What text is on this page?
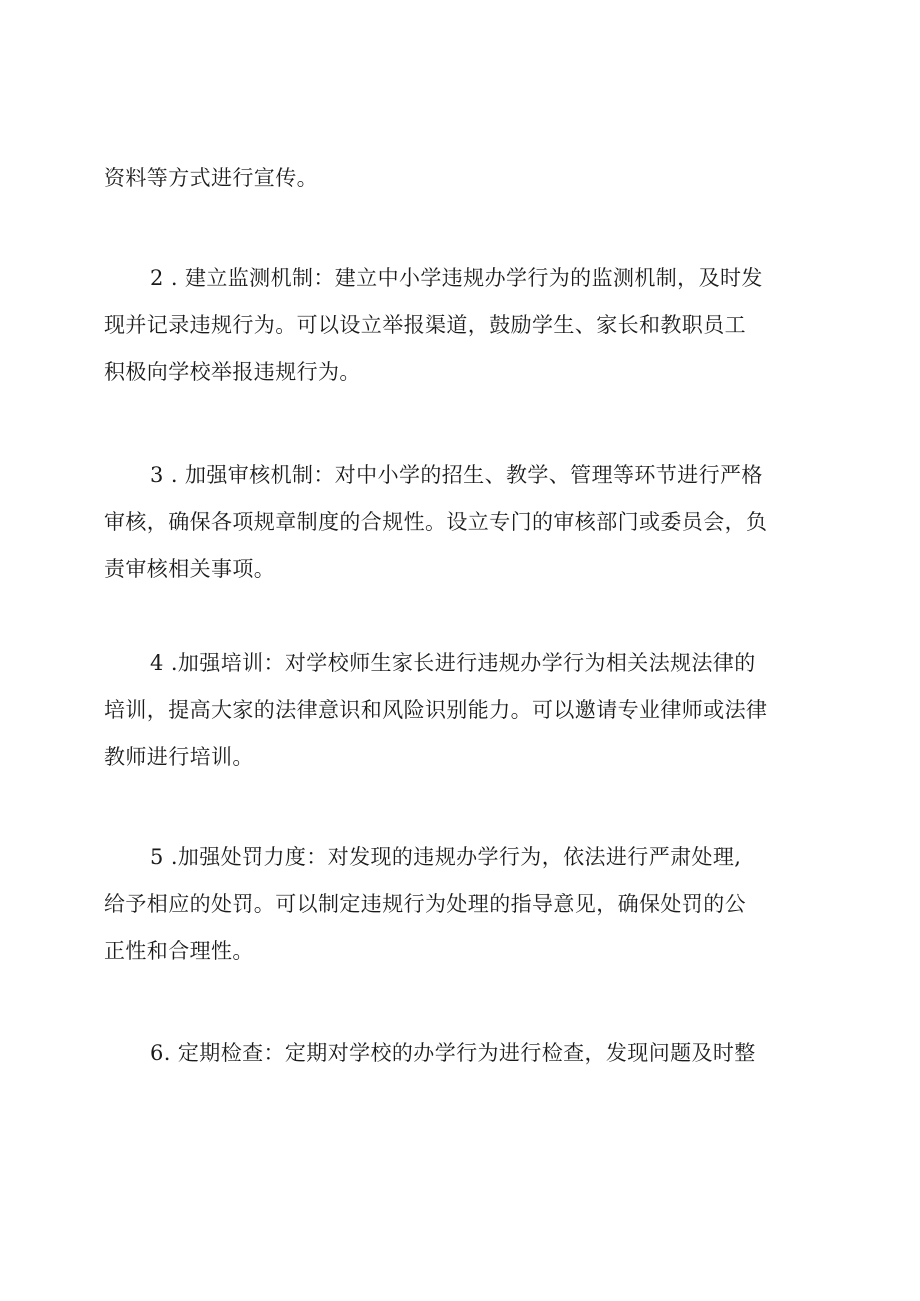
资料等方式进行宣传。
2 . 建立监测机制：建立中小学违规办学行为的监测机制，及时发
现并记录违规行为。可以设立举报渠道，鼓励学生、家长和教职员工
积极向学校举报违规行为。
3 . 加强审核机制：对中小学的招生、教学、管理等环节进行严格
审核，确保各项规章制度的合规性。设立专门的审核部门或委员会，负
责审核相关事项。
4 .加强培训：对学校师生家长进行违规办学行为相关法规法律的
培训，提高大家的法律意识和风险识别能力。可以邀请专业律师或法律
教师进行培训。
5 .加强处罚力度：对发现的违规办学行为，依法进行严肃处理,
给予相应的处罚。可以制定违规行为处理的指导意见，确保处罚的公
正性和合理性。
6. 定期检查：定期对学校的办学行为进行检查，发现问题及时整
